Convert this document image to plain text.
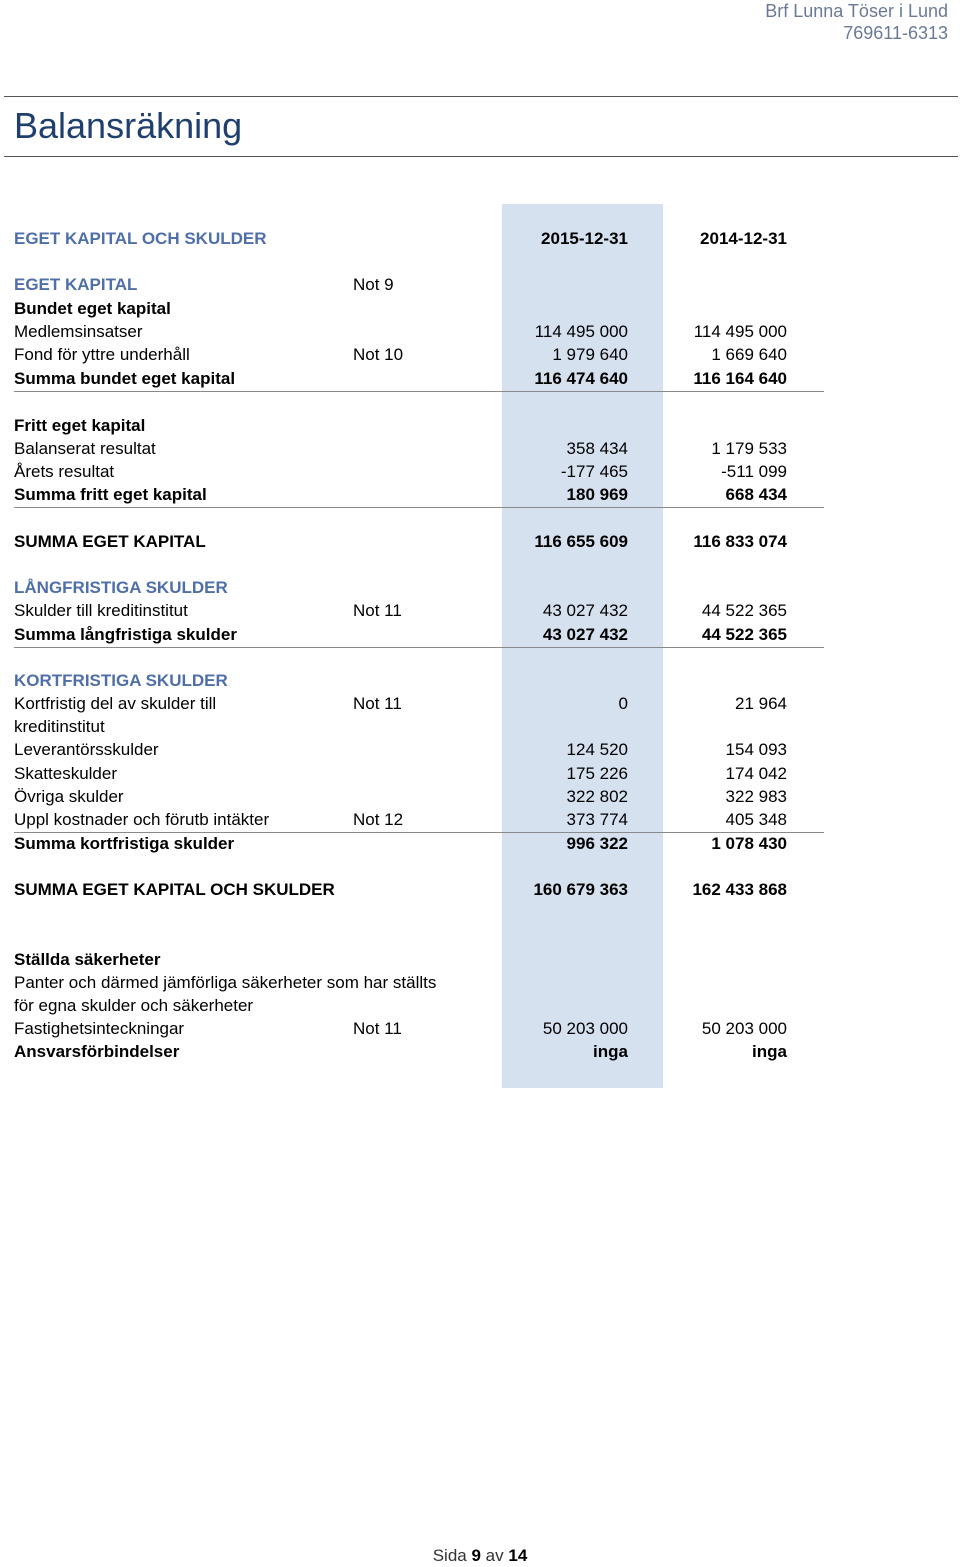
Brf Lunna Töser i Lund
769611-6313
Balansräkning
EGET KAPITAL OCH SKULDER	2015-12-31	2014-12-31
EGET KAPITAL	Not 9
Bundet eget kapital
Medlemsinsatser	114 495 000	114 495 000
Fond för yttre underhåll	Not 10	1 979 640	1 669 640
Summa bundet eget kapital	116 474 640	116 164 640
Fritt eget kapital
Balanserat resultat	358 434	1 179 533
Årets resultat	-177 465	-511 099
Summa fritt eget kapital	180 969	668 434
SUMMA EGET KAPITAL	116 655 609	116 833 074
LÅNGFRISTIGA SKULDER
Skulder till kreditinstitut	Not 11	43 027 432	44 522 365
Summa långfristiga skulder	43 027 432	44 522 365
KORTFRISTIGA SKULDER
Kortfristig del av skulder till	Not 11	0	21 964
kreditinstitut
Leverantörsskulder	124 520	154 093
Skatteskulder	175 226	174 042
Övriga skulder	322 802	322 983
Uppl kostnader och förutb intäkter	Not 12	373 774	405 348
Summa kortfristiga skulder	996 322	1 078 430
SUMMA EGET KAPITAL OCH SKULDER	160 679 363	162 433 868
Ställda säkerheter
Panter och därmed jämförliga säkerheter som har ställts
för egna skulder och säkerheter
Fastighetsinteckningar	Not 11	50 203 000	50 203 000
Ansvarsförbindelser	inga	inga
Sida 9 av 14
